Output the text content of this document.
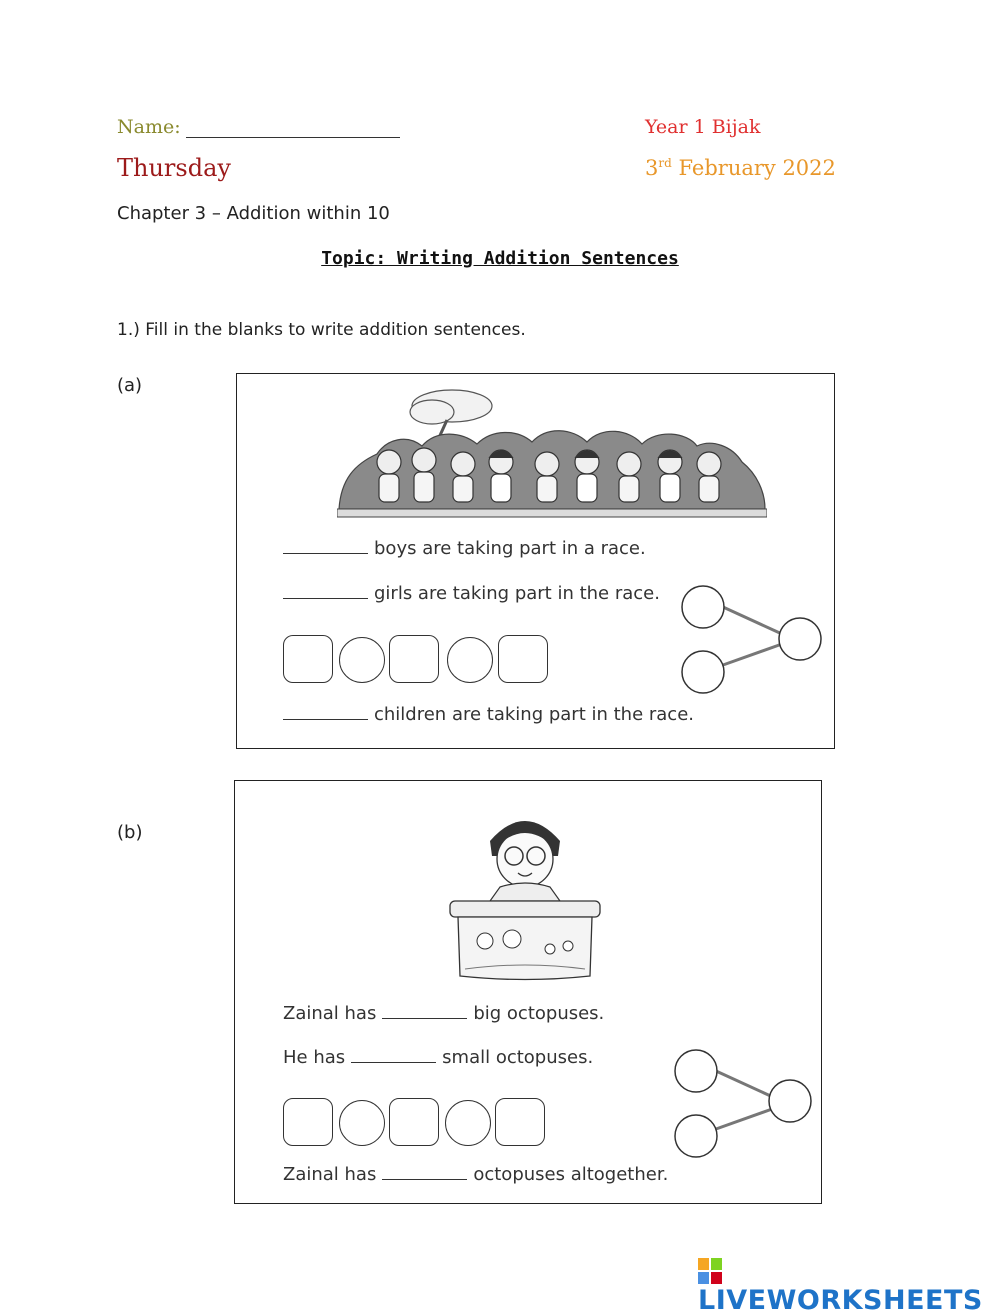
Name:	Year 1 Bijak
Thursday	3rd February 2022
Chapter 3 – Addition within 10
Topic: Writing Addition Sentences
1.) Fill in the blanks to write addition sentences.
(a)
boys are taking part in a race.
girls are taking part in the race.
children are taking part in the race.
(b)
Zainal has	big octopuses.
He has	small octopuses.
Zainal has	octopuses altogether.
LIVEWORKSHEETS
